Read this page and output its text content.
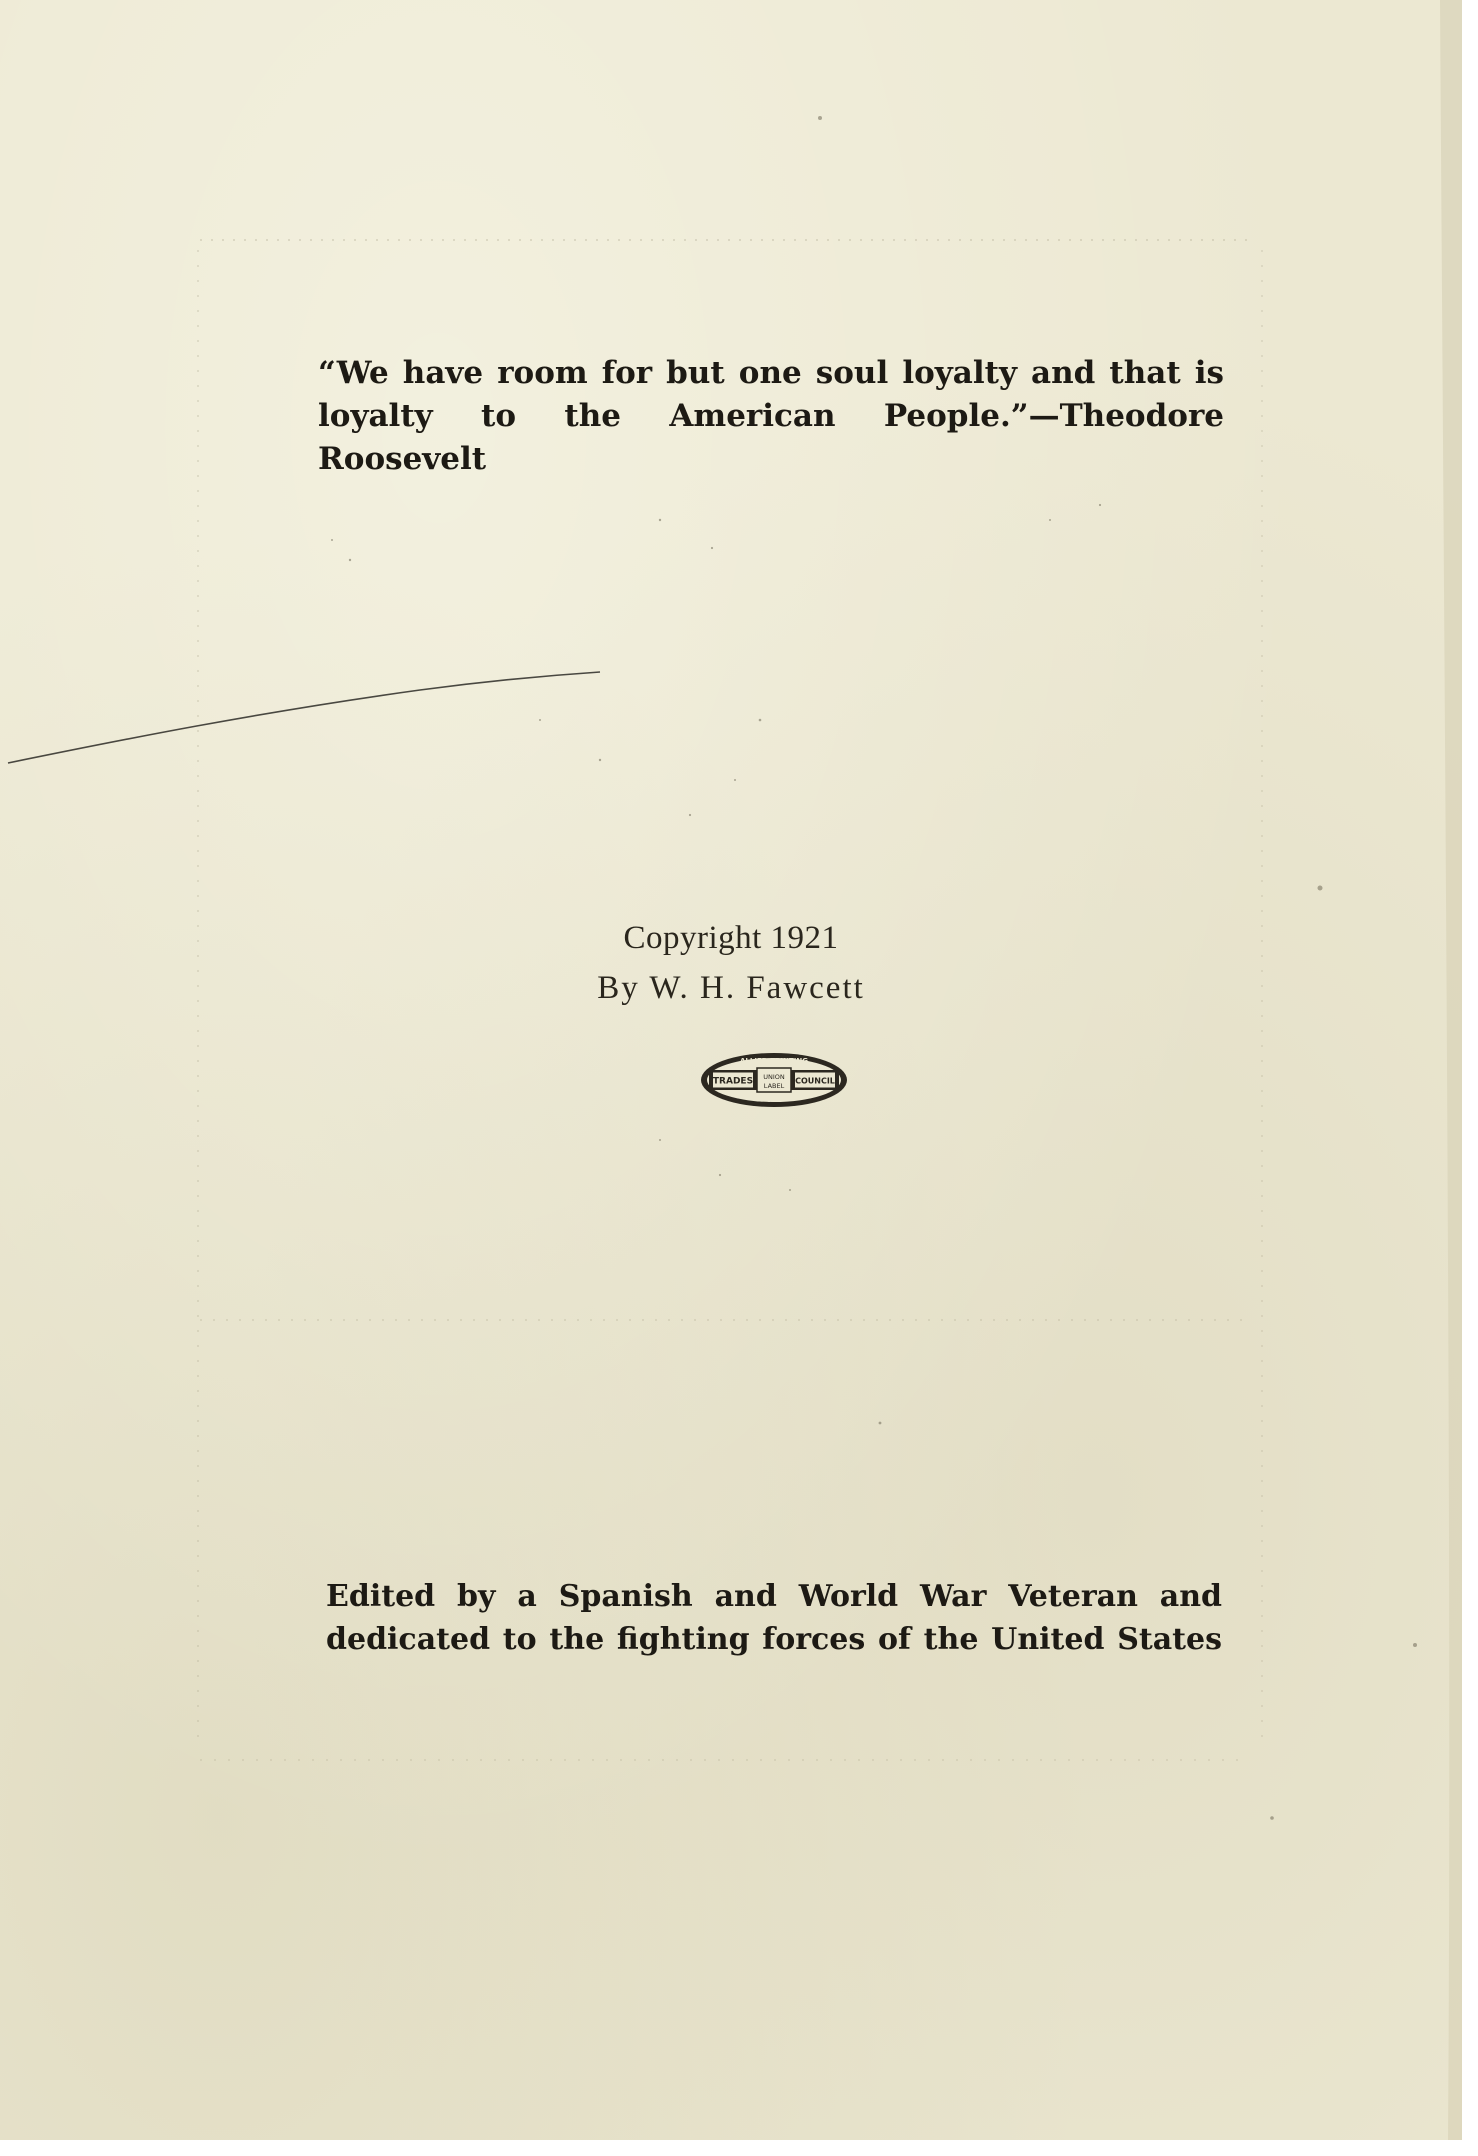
“We have room for but one soul loyalty and that is
loyalty to the American People.”—Theodore Roosevelt
Copyright 1921
By W. H. Fawcett
ALLIED PRINTING
TRADES UNION
LABEL
COUNCIL
CITY
Edited by a Spanish and World War Veteran and
dedicated to the fighting forces of the United States
